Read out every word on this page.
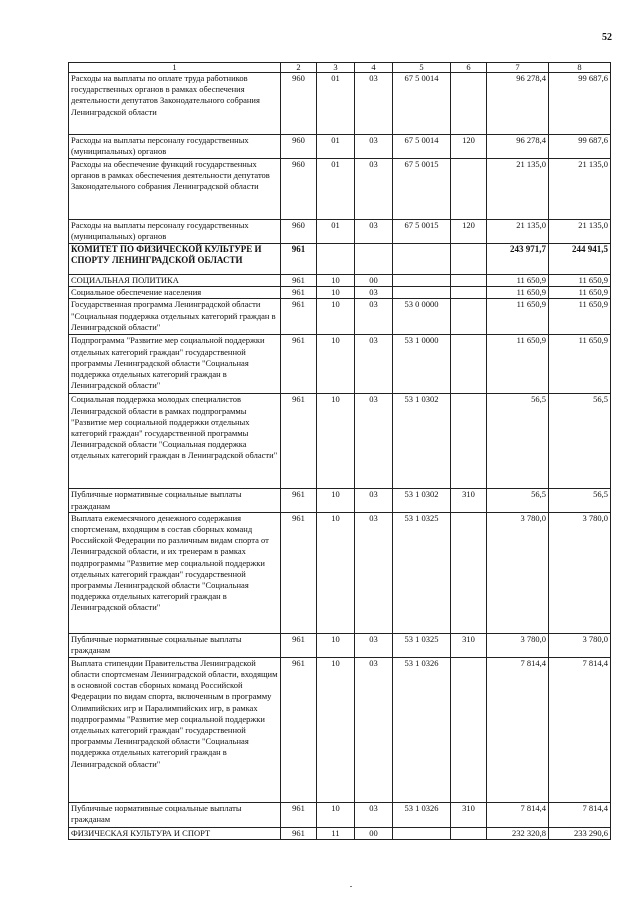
52
1	2	3	4	5	6	7	8
Расходы на выплаты по оплате труда работников государственных органов в рамках обеспечения деятельности депутатов Законодательного собрания Ленинградской области	960	01	03	67 5 0014		96 278,4	99 687,6
Расходы на выплаты персоналу государственных (муниципальных) органов	960	01	03	67 5 0014	120	96 278,4	99 687,6
Расходы на обеспечение функций государственных органов в рамках обеспечения деятельности депутатов Законодательного собрания Ленинградской области	960	01	03	67 5 0015		21 135,0	21 135,0
Расходы на выплаты персоналу государственных (муниципальных) органов	960	01	03	67 5 0015	120	21 135,0	21 135,0
КОМИТЕТ ПО ФИЗИЧЕСКОЙ КУЛЬТУРЕ И СПОРТУ ЛЕНИНГРАДСКОЙ ОБЛАСТИ	961					243 971,7	244 941,5
СОЦИАЛЬНАЯ ПОЛИТИКА	961	10	00			11 650,9	11 650,9
Социальное обеспечение населения	961	10	03			11 650,9	11 650,9
Государственная программа Ленинградской области "Социальная поддержка отдельных категорий граждан в Ленинградской области"	961	10	03	53 0 0000		11 650,9	11 650,9
Подпрограмма "Развитие мер социальной поддержки отдельных категорий граждан" государственной программы Ленинградской области "Социальная поддержка отдельных категорий граждан в Ленинградской области"	961	10	03	53 1 0000		11 650,9	11 650,9
Социальная поддержка молодых специалистов Ленинградской области в рамках подпрограммы "Развитие мер социальной поддержки отдельных категорий граждан" государственной программы Ленинградской области "Социальная поддержка отдельных категорий граждан в Ленинградской области"	961	10	03	53 1 0302		56,5	56,5
Публичные нормативные социальные выплаты гражданам	961	10	03	53 1 0302	310	56,5	56,5
Выплата ежемесячного денежного содержания спортсменам, входящим в состав сборных команд Российской Федерации по различным видам спорта от Ленинградской области, и их тренерам в рамках подпрограммы "Развитие мер социальной поддержки отдельных категорий граждан" государственной программы Ленинградской области "Социальная поддержка отдельных категорий граждан в Ленинградской области"	961	10	03	53 1 0325		3 780,0	3 780,0
Публичные нормативные социальные выплаты гражданам	961	10	03	53 1 0325	310	3 780,0	3 780,0
Выплата стипендии Правительства Ленинградской области спортсменам Ленинградской области, входящим в основной состав сборных команд Российской Федерации по видам спорта, включенным в программу Олимпийских игр и Паралимпийских игр, в рамках подпрограммы "Развитие мер социальной поддержки отдельных категорий граждан" государственной программы Ленинградской области "Социальная поддержка отдельных категорий граждан в Ленинградской области"	961	10	03	53 1 0326		7 814,4	7 814,4
Публичные нормативные социальные выплаты гражданам	961	10	03	53 1 0326	310	7 814,4	7 814,4
ФИЗИЧЕСКАЯ КУЛЬТУРА И СПОРТ	961	11	00			232 320,8	233 290,6
